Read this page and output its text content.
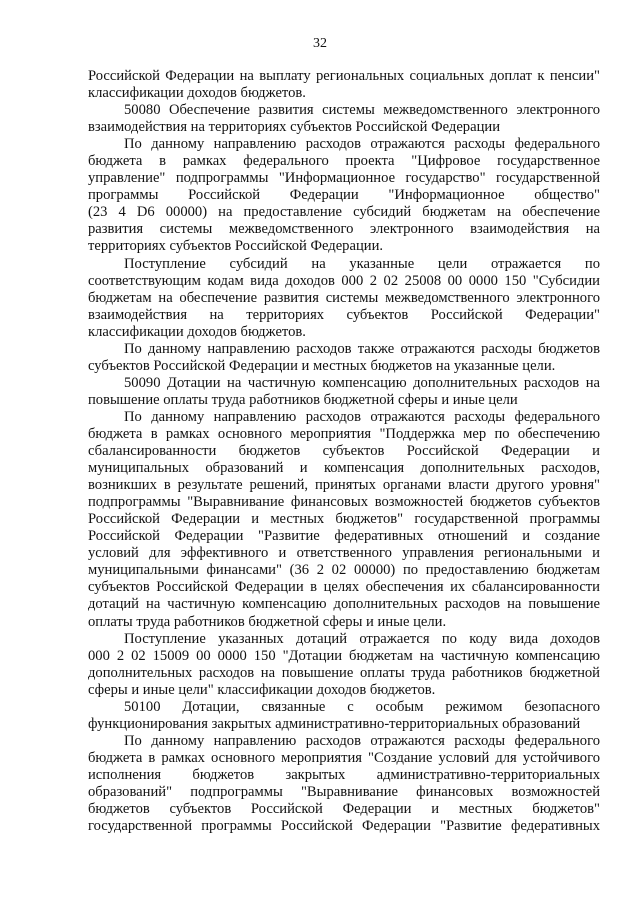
32
Российской Федерации на выплату региональных социальных доплат к пенсии"
классификации доходов бюджетов.
50080 Обеспечение развития системы межведомственного электронного
взаимодействия на территориях субъектов Российской Федерации
По данному направлению расходов отражаются расходы федерального
бюджета в рамках федерального проекта "Цифровое государственное
управление" подпрограммы "Информационное государство" государственной
программы Российской Федерации "Информационное общество"
(23 4 D6 00000) на предоставление субсидий бюджетам на обеспечение
развития системы межведомственного электронного взаимодействия на
территориях субъектов Российской Федерации.
Поступление субсидий на указанные цели отражается по
соответствующим кодам вида доходов 000 2 02 25008 00 0000 150 "Субсидии
бюджетам на обеспечение развития системы межведомственного электронного
взаимодействия на территориях субъектов Российской Федерации"
классификации доходов бюджетов.
По данному направлению расходов также отражаются расходы бюджетов
субъектов Российской Федерации и местных бюджетов на указанные цели.
50090 Дотации на частичную компенсацию дополнительных расходов на
повышение оплаты труда работников бюджетной сферы и иные цели
По данному направлению расходов отражаются расходы федерального
бюджета в рамках основного мероприятия "Поддержка мер по обеспечению
сбалансированности бюджетов субъектов Российской Федерации и
муниципальных образований и компенсация дополнительных расходов,
возникших в результате решений, принятых органами власти другого уровня"
подпрограммы "Выравнивание финансовых возможностей бюджетов субъектов
Российской Федерации и местных бюджетов" государственной программы
Российской Федерации "Развитие федеративных отношений и создание
условий для эффективного и ответственного управления региональными и
муниципальными финансами" (36 2 02 00000) по предоставлению бюджетам
субъектов Российской Федерации в целях обеспечения их сбалансированности
дотаций на частичную компенсацию дополнительных расходов на повышение
оплаты труда работников бюджетной сферы и иные цели.
Поступление указанных дотаций отражается по коду вида доходов
000 2 02 15009 00 0000 150 "Дотации бюджетам на частичную компенсацию
дополнительных расходов на повышение оплаты труда работников бюджетной
сферы и иные цели" классификации доходов бюджетов.
50100 Дотации, связанные с особым режимом безопасного
функционирования закрытых административно-территориальных образований
По данному направлению расходов отражаются расходы федерального
бюджета в рамках основного мероприятия "Создание условий для устойчивого
исполнения бюджетов закрытых административно-территориальных
образований" подпрограммы "Выравнивание финансовых возможностей
бюджетов субъектов Российской Федерации и местных бюджетов"
государственной программы Российской Федерации "Развитие федеративных
